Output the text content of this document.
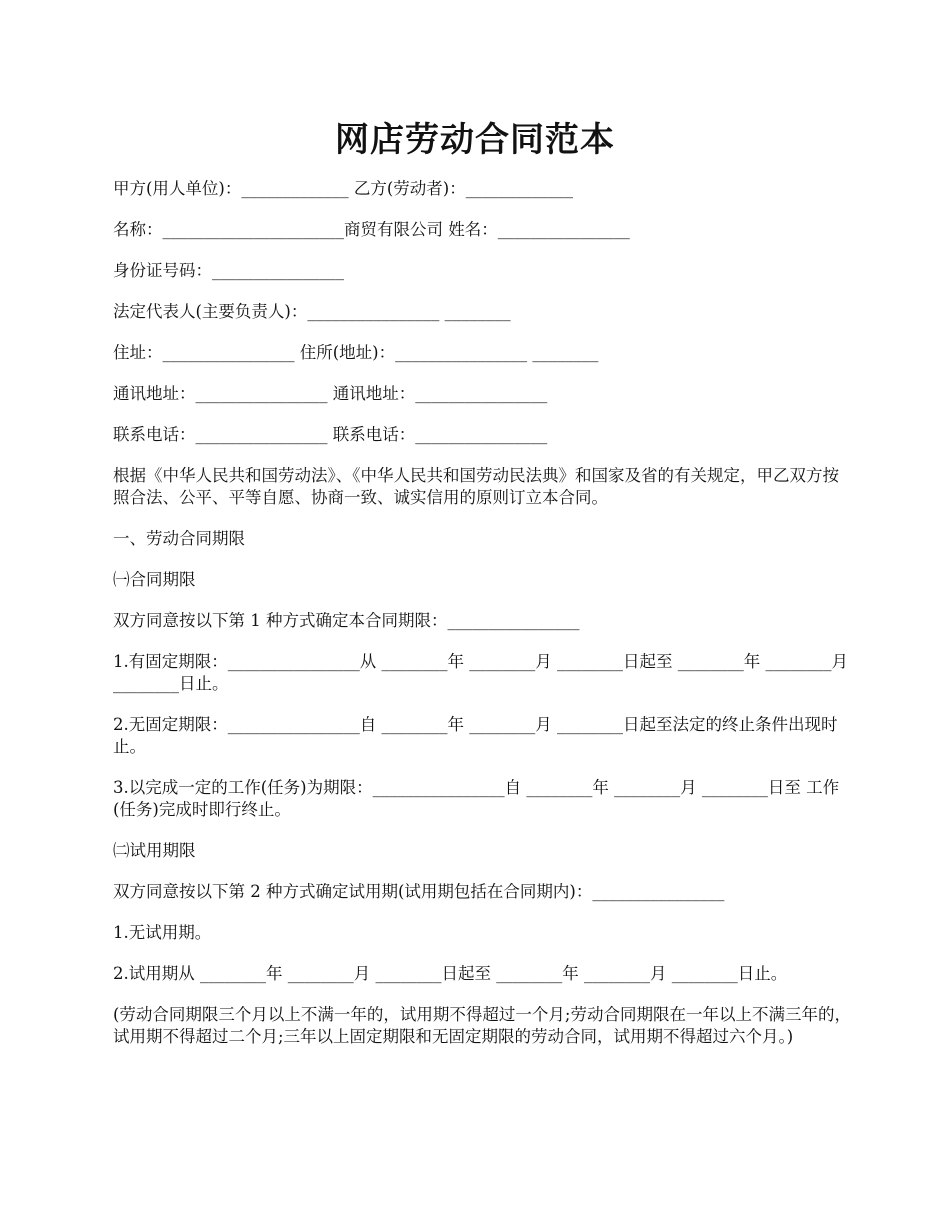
网店劳动合同范本

甲方(用人单位)：_____________ 乙方(劳动者)：_____________

名称：______________________商贸有限公司 姓名：________________

身份证号码：________________

法定代表人(主要负责人)：________________ ________

住址：________________ 住所(地址)：________________ ________

通讯地址：________________ 通讯地址：________________

联系电话：________________ 联系电话：________________

根据《中华人民共和国劳动法》、《中华人民共和国劳动民法典》和国家及省的有关规定，甲乙双方按照合法、公平、平等自愿、协商一致、诚实信用的原则订立本合同。

一、劳动合同期限

㈠合同期限

双方同意按以下第 1 种方式确定本合同期限：________________

1.有固定期限：________________从 ________年 ________月 ________日起至 ________年 ________月 ________日止。

2.无固定期限：________________自 ________年 ________月 ________日起至法定的终止条件出现时止。

3.以完成一定的工作(任务)为期限：________________自 ________年 ________月 ________日至 工作(任务)完成时即行终止。

㈡试用期限

双方同意按以下第 2 种方式确定试用期(试用期包括在合同期内)：________________

1.无试用期。

2.试用期从 ________年 ________月 ________日起至 ________年 ________月 ________日止。

(劳动合同期限三个月以上不满一年的，试用期不得超过一个月;劳动合同期限在一年以上不满三年的，试用期不得超过二个月;三年以上固定期限和无固定期限的劳动合同，试用期不得超过六个月。)
